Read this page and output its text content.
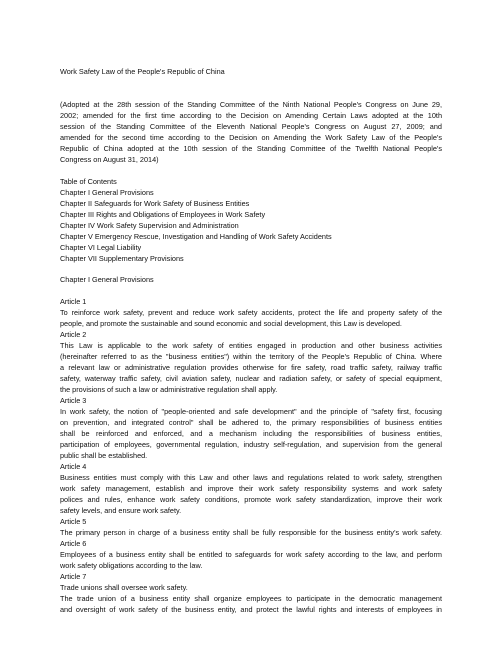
Work Safety Law of the People's Republic of China
(Adopted at the 28th session of the Standing Committee of the Ninth National People's Congress on June 29,
2002; amended for the first time according to the Decision on Amending Certain Laws adopted at the 10th
session of the Standing Committee of the Eleventh National People's Congress on August 27, 2009; and
amended for the second time according to the Decision on Amending the Work Safety Law of the People's
Republic of China adopted at the 10th session of the Standing Committee of the Twelfth National People's
Congress on August 31, 2014)
Table of Contents
Chapter I General Provisions
Chapter II Safeguards for Work Safety of Business Entities
Chapter III Rights and Obligations of Employees in Work Safety
Chapter IV Work Safety Supervision and Administration
Chapter V Emergency Rescue, Investigation and Handling of Work Safety Accidents
Chapter VI Legal Liability
Chapter VII Supplementary Provisions
Chapter I General Provisions
Article 1
To reinforce work safety, prevent and reduce work safety accidents, protect the life and property safety of the
people, and promote the sustainable and sound economic and social development, this Law is developed.
Article 2
This Law is applicable to the work safety of entities engaged in production and other business activities
(hereinafter referred to as the "business entities") within the territory of the People's Republic of China. Where
a relevant law or administrative regulation provides otherwise for fire safety, road traffic safety, railway traffic
safety, waterway traffic safety, civil aviation safety, nuclear and radiation safety, or safety of special equipment,
the provisions of such a law or administrative regulation shall apply.
Article 3
In work safety, the notion of "people-oriented and safe development" and the principle of "safety first, focusing
on prevention, and integrated control" shall be adhered to, the primary responsibilities of business entities
shall be reinforced and enforced, and a mechanism including the responsibilities of business entities,
participation of employees, governmental regulation, industry self-regulation, and supervision from the general
public shall be established.
Article 4
Business entities must comply with this Law and other laws and regulations related to work safety, strengthen
work safety management, establish and improve their work safety responsibility systems and work safety
polices and rules, enhance work safety conditions, promote work safety standardization, improve their work
safety levels, and ensure work safety.
Article 5
The primary person in charge of a business entity shall be fully responsible for the business entity's work safety.
Article 6
Employees of a business entity shall be entitled to safeguards for work safety according to the law, and perform
work safety obligations according to the law.
Article 7
Trade unions shall oversee work safety.
The trade union of a business entity shall organize employees to participate in the democratic management
and oversight of work safety of the business entity, and protect the lawful rights and interests of employees in
